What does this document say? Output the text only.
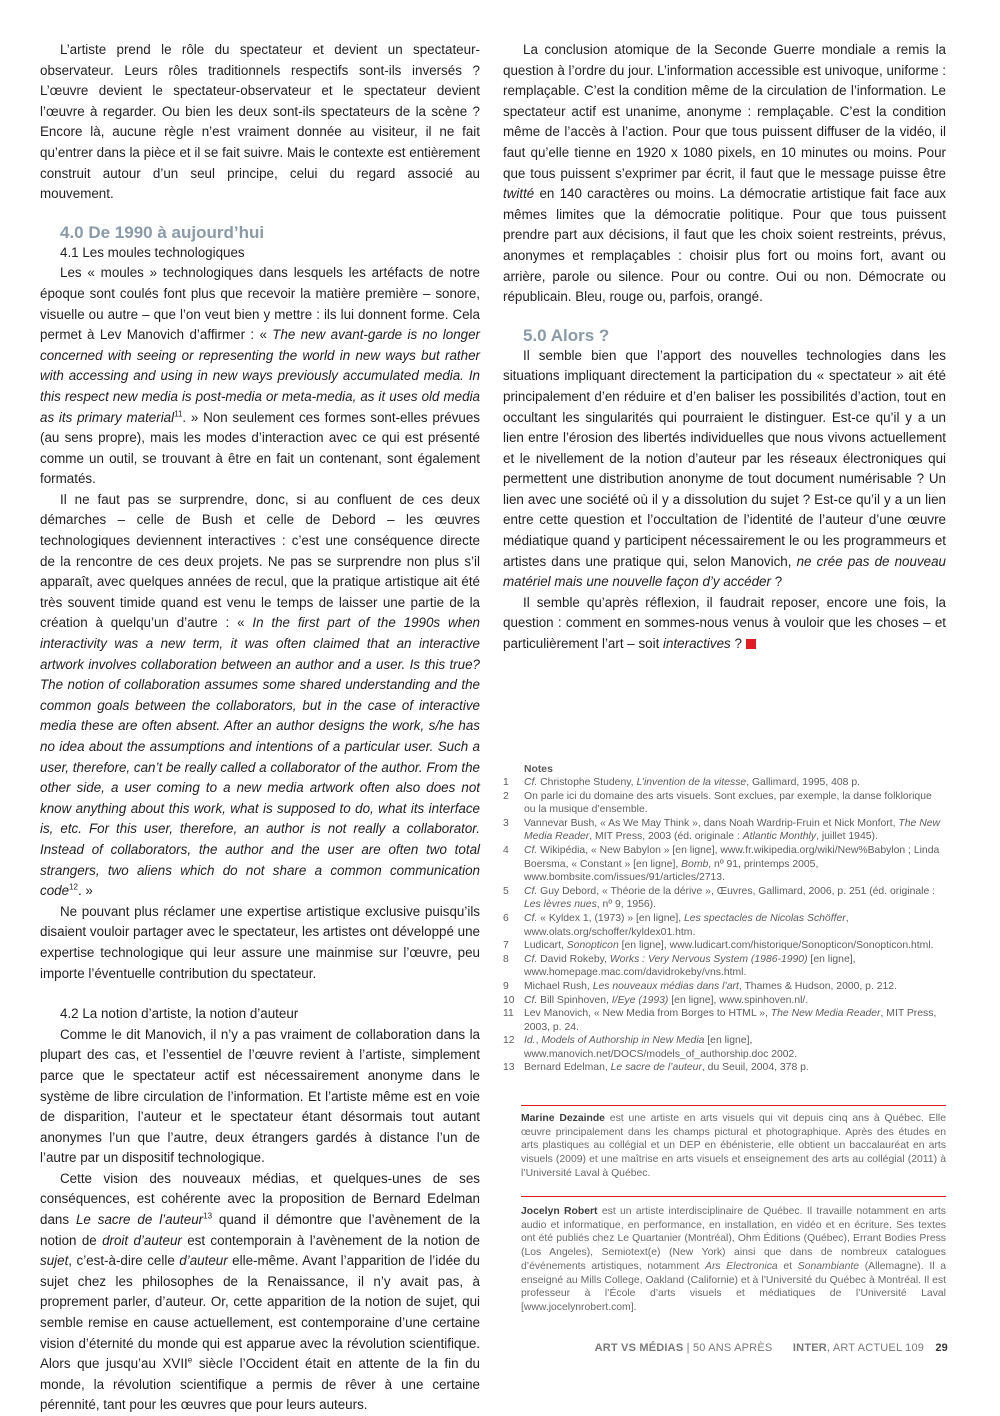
L’artiste prend le rôle du spectateur et devient un spectateur-observateur. Leurs rôles traditionnels respectifs sont-ils inversés ? L’œuvre devient le spectateur-observateur et le spectateur devient l’œuvre à regarder. Ou bien les deux sont-ils spectateurs de la scène ? Encore là, aucune règle n’est vraiment donnée au visiteur, il ne fait qu’entrer dans la pièce et il se fait suivre. Mais le contexte est entièrement construit autour d’un seul principe, celui du regard associé au mouvement.

4.0 De 1990 à aujourd’hui

4.1 Les moules technologiques

Les « moules » technologiques dans lesquels les artéfacts de notre époque sont coulés font plus que recevoir la matière première – sonore, visuelle ou autre – que l’on veut bien y mettre : ils lui donnent forme. Cela permet à Lev Manovich d’affirmer : « The new avant-garde is no longer concerned with seeing or representing the world in new ways but rather with accessing and using in new ways previously accumulated media. In this respect new media is post-media or meta-media, as it uses old media as its primary material$^{11}$. » Non seulement ces formes sont-elles prévues (au sens propre), mais les modes d’interaction avec ce qui est présenté comme un outil, se trouvant à être en fait un contenant, sont également formatés.

Il ne faut pas se surprendre, donc, si au confluent de ces deux démarches – celle de Bush et celle de Debord – les œuvres technologiques deviennent interactives : c’est une conséquence directe de la rencontre de ces deux projets. Ne pas se surprendre non plus s’il apparaît, avec quelques années de recul, que la pratique artistique ait été très souvent timide quand est venu le temps de laisser une partie de la création à quelqu’un d’autre : « In the first part of the 1990s when interactivity was a new term, it was often claimed that an interactive artwork involves collaboration between an author and a user. Is this true? The notion of collaboration assumes some shared understanding and the common goals between the collaborators, but in the case of interactive media these are often absent. After an author designs the work, s/he has no idea about the assumptions and intentions of a particular user. Such a user, therefore, can’t be really called a collaborator of the author. From the other side, a user coming to a new media artwork often also does not know anything about this work, what is supposed to do, what its interface is, etc. For this user, therefore, an author is not really a collaborator. Instead of collaborators, the author and the user are often two total strangers, two aliens which do not share a common communication code$^{12}$. »

Ne pouvant plus réclamer une expertise artistique exclusive puisqu’ils disaient vouloir partager avec le spectateur, les artistes ont développé une expertise technologique qui leur assure une mainmise sur l’œuvre, peu importe l’éventuelle contribution du spectateur.

4.2 La notion d’artiste, la notion d’auteur

Comme le dit Manovich, il n’y a pas vraiment de collaboration dans la plupart des cas, et l’essentiel de l’œuvre revient à l’artiste, simplement parce que le spectateur actif est nécessairement anonyme dans le système de libre circulation de l’information. Et l’artiste même est en voie de disparition, l’auteur et le spectateur étant désormais tout autant anonymes l’un que l’autre, deux étrangers gardés à distance l’un de l’autre par un dispositif technologique.

Cette vision des nouveaux médias, et quelques-unes de ses conséquences, est cohérente avec la proposition de Bernard Edelman dans Le sacre de l’auteur$^{13}$ quand il démontre que l’avènement de la notion de droit d’auteur est contemporain à l’avènement de la notion de sujet, c’est-à-dire celle d’auteur elle-même. Avant l’apparition de l’idée du sujet chez les philosophes de la Renaissance, il n’y avait pas, à proprement parler, d’auteur. Or, cette apparition de la notion de sujet, qui semble remise en cause actuellement, est contemporaine d’une certaine vision d’éternité du monde qui est apparue avec la révolution scientifique. Alors que jusqu’au XVIIe siècle l’Occident était en attente de la fin du monde, la révolution scientifique a permis de rêver à une certaine pérennité, tant pour les œuvres que pour leurs auteurs.

La conclusion atomique de la Seconde Guerre mondiale a remis la question à l’ordre du jour. L’information accessible est univoque, uniforme : remplaçable. C’est la condition même de la circulation de l’information. Le spectateur actif est unanime, anonyme : remplaçable. C’est la condition même de l’accès à l’action. Pour que tous puissent diffuser de la vidéo, il faut qu’elle tienne en 1920 x 1080 pixels, en 10 minutes ou moins. Pour que tous puissent s’exprimer par écrit, il faut que le message puisse être twitté en 140 caractères ou moins. La démocratie artistique fait face aux mêmes limites que la démocratie politique. Pour que tous puissent prendre part aux décisions, il faut que les choix soient restreints, prévus, anonymes et remplaçables : choisir plus fort ou moins fort, avant ou arrière, parole ou silence. Pour ou contre. Oui ou non. Démocrate ou républicain. Bleu, rouge ou, parfois, orangé.

5.0 Alors ?

Il semble bien que l’apport des nouvelles technologies dans les situations impliquant directement la participation du « spectateur » ait été principalement d’en réduire et d’en baliser les possibilités d’action, tout en occultant les singularités qui pourraient le distinguer. Est-ce qu’il y a un lien entre l’érosion des libertés individuelles que nous vivons actuellement et le nivellement de la notion d’auteur par les réseaux électroniques qui permettent une distribution anonyme de tout document numérisable ? Un lien avec une société où il y a dissolution du sujet ? Est-ce qu’il y a un lien entre cette question et l’occultation de l’identité de l’auteur d’une œuvre médiatique quand y participent nécessairement le ou les programmeurs et artistes dans une pratique qui, selon Manovich, ne crée pas de nouveau matériel mais une nouvelle façon d’y accéder ?

Il semble qu’après réflexion, il faudrait reposer, encore une fois, la question : comment en sommes-nous venus à vouloir que les choses – et particulièrement l’art – soit interactives ?

Notes

1	Cf. Christophe Studeny, L’invention de la vitesse, Gallimard, 1995, 408 p.
2	On parle ici du domaine des arts visuels. Sont exclues, par exemple, la danse folklorique ou la musique d’ensemble.
3	Vannevar Bush, « As We May Think », dans Noah Wardrip-Fruin et Nick Monfort, The New Media Reader, MIT Press, 2003 (éd. originale : Atlantic Monthly, juillet 1945).
4	Cf. Wikipédia, « New Babylon » [en ligne], www.fr.wikipedia.org/wiki/New%Babylon ; Linda Boersma, « Constant » [en ligne], Bomb, nº 91, printemps 2005, www.bombsite.com/issues/91/articles/2713.
5	Cf. Guy Debord, « Théorie de la dérive », Œuvres, Gallimard, 2006, p. 251 (éd. originale : Les lèvres nues, nº 9, 1956).
6	Cf. « Kyldex 1, (1973) » [en ligne], Les spectacles de Nicolas Schöffer, www.olats.org/schoffer/kyldex01.htm.
7	Ludicart, Sonopticon [en ligne], www.ludicart.com/historique/Sonopticon/Sonopticon.html.
8	Cf. David Rokeby, Works : Very Nervous System (1986-1990) [en ligne], www.homepage.mac.com/davidrokeby/vns.html.
9	Michael Rush, Les nouveaux médias dans l’art, Thames & Hudson, 2000, p. 212.
10 Cf. Bill Spinhoven, I/Eye (1993) [en ligne], www.spinhoven.nl/.
11 Lev Manovich, « New Media from Borges to HTML », The New Media Reader, MIT Press, 2003, p. 24.
12 Id., Models of Authorship in New Media [en ligne], www.manovich.net/DOCS/models_of_authorship.doc 2002.
13 Bernard Edelman, Le sacre de l’auteur, du Seuil, 2004, 378 p.

Marine Dezainde est une artiste en arts visuels qui vit depuis cinq ans à Québec. Elle œuvre principalement dans les champs pictural et photographique. Après des études en arts plastiques au collégial et un DEP en ébénisterie, elle obtient un baccalauréat en arts visuels (2009) et une maîtrise en arts visuels et enseignement des arts au collégial (2011) à l’Université Laval à Québec.

Jocelyn Robert est un artiste interdisciplinaire de Québec. Il travaille notamment en arts audio et informatique, en performance, en installation, en vidéo et en écriture. Ses textes ont été publiés chez Le Quartanier (Montréal), Ohm Éditions (Québec), Errant Bodies Press (Los Angeles), Semiotext(e) (New York) ainsi que dans de nombreux catalogues d’événements artistiques, notamment Ars Electronica et Sonambiante (Allemagne). Il a enseigné au Mills College, Oakland (Californie) et à l’Université du Québec à Montréal. Il est professeur à l’École d’arts visuels et médiatiques de l’Université Laval [www.jocelynrobert.com].

ART VS MÉDIAS | 50 ANS APRÈS INTER, ART ACTUEL 109 29
